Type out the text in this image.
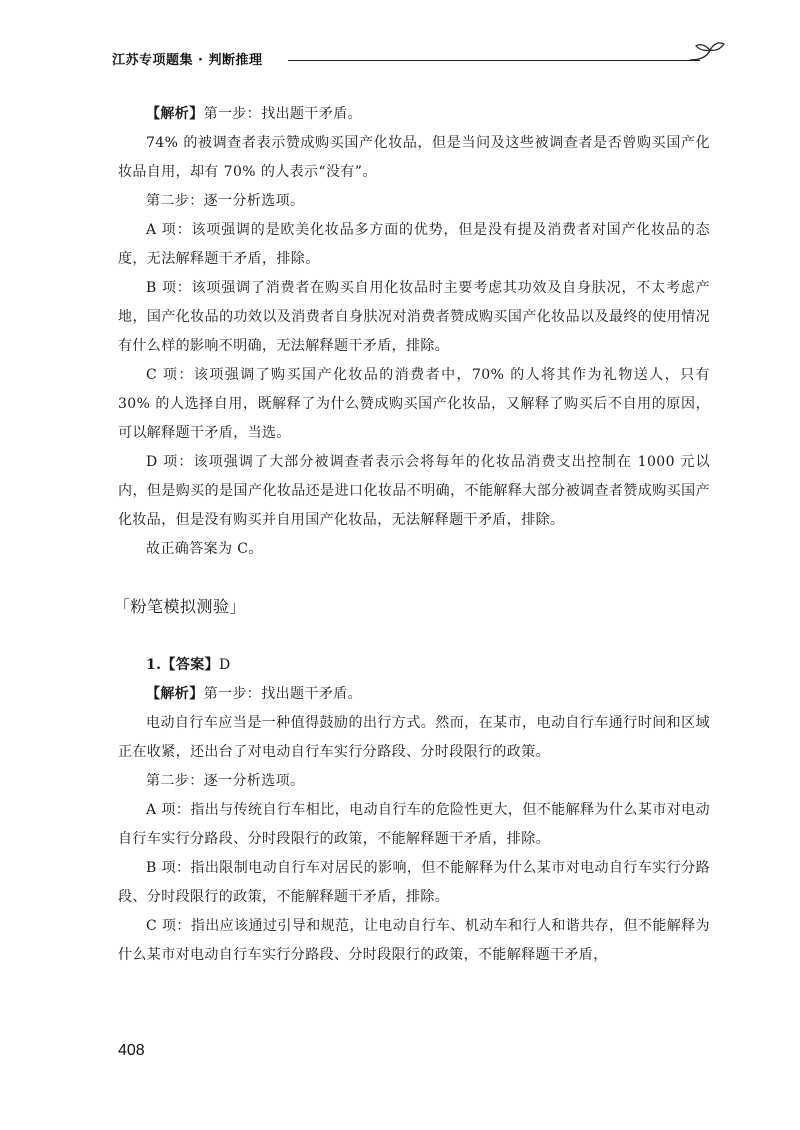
江苏专项题集 · 判断推理

【解析】第一步：找出题干矛盾。

74% 的被调查者表示赞成购买国产化妆品，但是当问及这些被调查者是否曾购买国产化妆品自用，却有 70% 的人表示“没有”。

第二步：逐一分析选项。

A 项：该项强调的是欧美化妆品多方面的优势，但是没有提及消费者对国产化妆品的态度，无法解释题干矛盾，排除。

B 项：该项强调了消费者在购买自用化妆品时主要考虑其功效及自身肤况，不太考虑产地，国产化妆品的功效以及消费者自身肤况对消费者赞成购买国产化妆品以及最终的使用情况有什么样的影响不明确，无法解释题干矛盾，排除。

C 项：该项强调了购买国产化妆品的消费者中，70% 的人将其作为礼物送人，只有 30% 的人选择自用，既解释了为什么赞成购买国产化妆品，又解释了购买后不自用的原因，可以解释题干矛盾，当选。

D 项：该项强调了大部分被调查者表示会将每年的化妆品消费支出控制在 1000 元以内，但是购买的是国产化妆品还是进口化妆品不明确，不能解释大部分被调查者赞成购买国产化妆品，但是没有购买并自用国产化妆品，无法解释题干矛盾，排除。

故正确答案为 C。

「粉笔模拟测验」

1.【答案】D

【解析】第一步：找出题干矛盾。

电动自行车应当是一种值得鼓励的出行方式。然而，在某市，电动自行车通行时间和区域正在收紧，还出台了对电动自行车实行分路段、分时段限行的政策。

第二步：逐一分析选项。

A 项：指出与传统自行车相比，电动自行车的危险性更大，但不能解释为什么某市对电动自行车实行分路段、分时段限行的政策，不能解释题干矛盾，排除。

B 项：指出限制电动自行车对居民的影响，但不能解释为什么某市对电动自行车实行分路段、分时段限行的政策，不能解释题干矛盾，排除。

C 项：指出应该通过引导和规范，让电动自行车、机动车和行人和谐共存，但不能解释为什么某市对电动自行车实行分路段、分时段限行的政策，不能解释题干矛盾，

408
